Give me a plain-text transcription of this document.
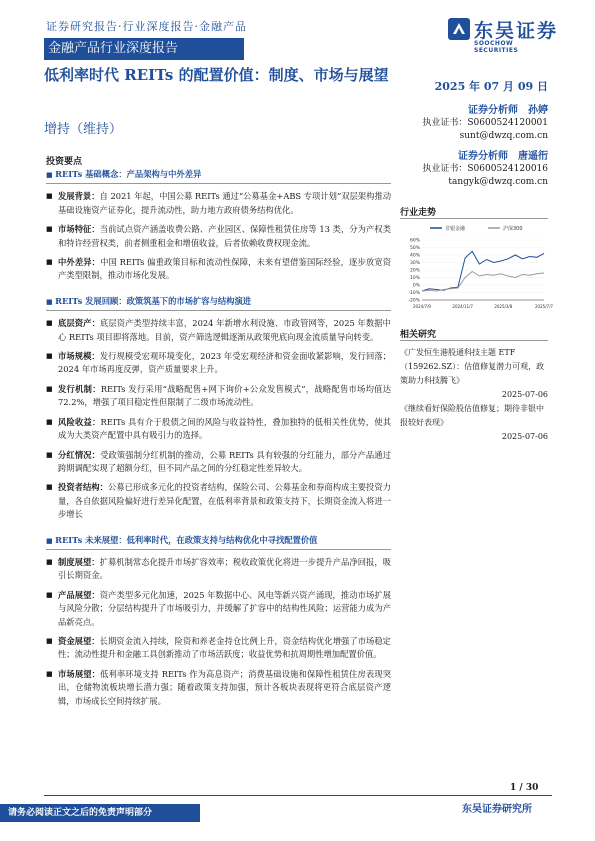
证券研究报告·行业深度报告·金融产品	东吴证券
SOOCHOW SECURITIES
金融产品行业深度报告
低利率时代 REITs 的配置价值：制度、市场与展望
增持（维持）
2025 年 07 月 09 日
证券分析师　孙婷
执业证书：S0600524120001
sunt@dwzq.com.cn
证券分析师　唐遥衎
执业证书：S0600524120016
tangyk@dwzq.com.cn
投资要点
■ REITs 基础概念：产品架构与中外差异
■ 发展背景：自 2021 年起，中国公募 REITs 通过“公募基金+ABS 专项计划”双层架构推动基础设施资产证券化，提升流动性，助力地方政府债务结构优化。
■ 市场特征：当前试点资产涵盖收费公路、产业园区、保障性租赁住房等 13 类，分为产权类和特许经营权类，前者侧重租金和增值收益，后者依赖收费权现金流。
■ 中外差异：中国 REITs 偏重政策目标和流动性保障，未来有望借鉴国际经验，逐步放宽资产类型限制，推动市场化发展。
■ REITs 发展回顾：政策筑基下的市场扩容与结构演进
■ 底层资产：底层资产类型持续丰富，2024 年新增水利设施、市政管网等，2025 年数据中心 REITs 项目即将落地。目前，资产筛选逻辑逐渐从政策兜底向现金流质量导向转变。
■ 市场规模：发行规模受宏观环境变化，2023 年受宏观经济和资金面收紧影响，发行回落；2024 年市场再度反弹，资产质量要求上升。
■ 发行机制：REITs 发行采用“战略配售+网下询价+公众发售模式”，战略配售市场均值达72.2%，增强了项目稳定性但限制了二级市场流动性。
■ 风险收益：REITs 具有介于股债之间的风险与收益特性，叠加独特的低相关性优势，使其成为大类资产配置中具有吸引力的选择。
■ 分红情况：受政策强制分红机制的推动，公募 REITs 具有较强的分红能力，部分产品通过跨期调配实现了超额分红，但不同产品之间的分红稳定性差异较大。
■ 投资者结构：公募已形成多元化的投资者结构，保险公司、公募基金和券商构成主要投资力量，各自依据风险偏好进行差异化配置，在低利率背景和政策支持下，长期资金流入将进一步增长
■ REITs 未来展望：低利率时代，在政策支持与结构优化中寻找配置价值
■ 制度展望：扩募机制常态化提升市场扩容效率；税收政策优化将进一步提升产品净回报，吸引长期资金。
■ 产品展望：资产类型多元化加速，2025 年数据中心、风电等新兴资产涌现，推动市场扩展与风险分散；分层结构提升了市场吸引力，并缓解了扩容中的结构性风险；运营能力成为产品新亮点。
■ 资金展望：长期资金流入持续，险资和养老金持仓比例上升，资金结构优化增强了市场稳定性；流动性提升和金融工具创新推动了市场活跃度；收益优势和抗周期性增加配置价值。
■ 市场展望：低利率环境支持 REITs 作为高息资产；消费基础设施和保障性租赁住房表现突出，仓储物流板块增长潜力强；随着政策支持加强，预计各板块表现将更符合底层资产逻辑，市场成长空间持续扩展。
行业走势
非银金融	沪深300
60%
50%
40%
30%
20%
10%
0%
-10%
-20%
2024/7/9	2024/11/7	2025/3/8	2025/7/7
相关研究
《广发恒生港股通科技主题 ETF（159262.SZ）：估值修复潜力可观，政策助力科技腾飞》
2025-07-06
《继续看好保险股估值修复；期待非银中报较好表现》
2025-07-06
1 / 30
东吴证券研究所
请务必阅读正文之后的免责声明部分
